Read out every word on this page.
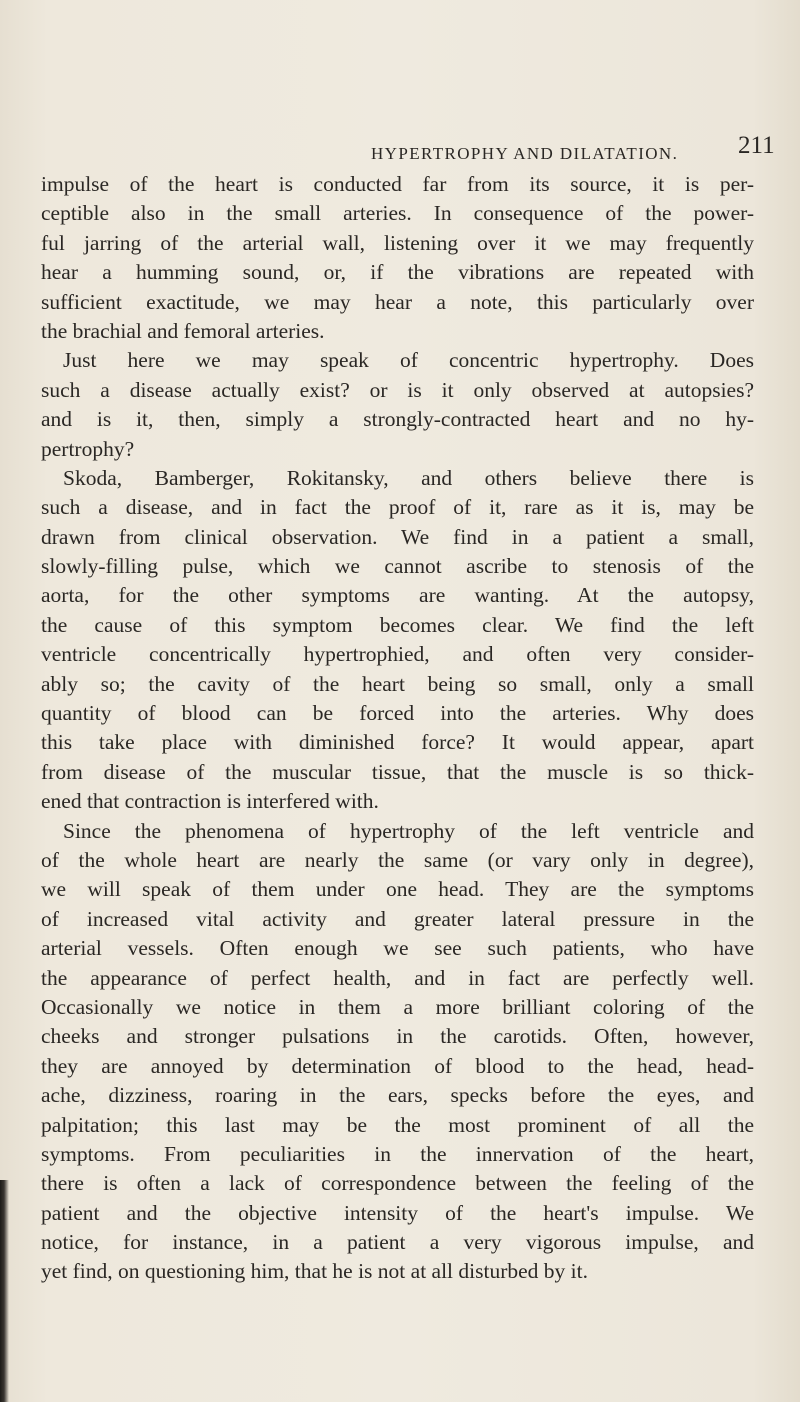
HYPERTROPHY AND DILATATION. 211
impulse of the heart is conducted far from its source, it is per-
ceptible also in the small arteries. In consequence of the power-
ful jarring of the arterial wall, listening over it we may frequently
hear a humming sound, or, if the vibrations are repeated with
sufficient exactitude, we may hear a note, this particularly over
the brachial and femoral arteries.
Just here we may speak of concentric hypertrophy. Does
such a disease actually exist? or is it only observed at autopsies?
and is it, then, simply a strongly-contracted heart and no hy-
pertrophy?
Skoda, Bamberger, Rokitansky, and others believe there is
such a disease, and in fact the proof of it, rare as it is, may be
drawn from clinical observation. We find in a patient a small,
slowly-filling pulse, which we cannot ascribe to stenosis of the
aorta, for the other symptoms are wanting. At the autopsy,
the cause of this symptom becomes clear. We find the left
ventricle concentrically hypertrophied, and often very consider-
ably so; the cavity of the heart being so small, only a small
quantity of blood can be forced into the arteries. Why does
this take place with diminished force? It would appear, apart
from disease of the muscular tissue, that the muscle is so thick-
ened that contraction is interfered with.
Since the phenomena of hypertrophy of the left ventricle and
of the whole heart are nearly the same (or vary only in degree),
we will speak of them under one head. They are the symptoms
of increased vital activity and greater lateral pressure in the
arterial vessels. Often enough we see such patients, who have
the appearance of perfect health, and in fact are perfectly well.
Occasionally we notice in them a more brilliant coloring of the
cheeks and stronger pulsations in the carotids. Often, however,
they are annoyed by determination of blood to the head, head-
ache, dizziness, roaring in the ears, specks before the eyes, and
palpitation; this last may be the most prominent of all the
symptoms. From peculiarities in the innervation of the heart,
there is often a lack of correspondence between the feeling of the
patient and the objective intensity of the heart's impulse. We
notice, for instance, in a patient a very vigorous impulse, and
yet find, on questioning him, that he is not at all disturbed by it.
